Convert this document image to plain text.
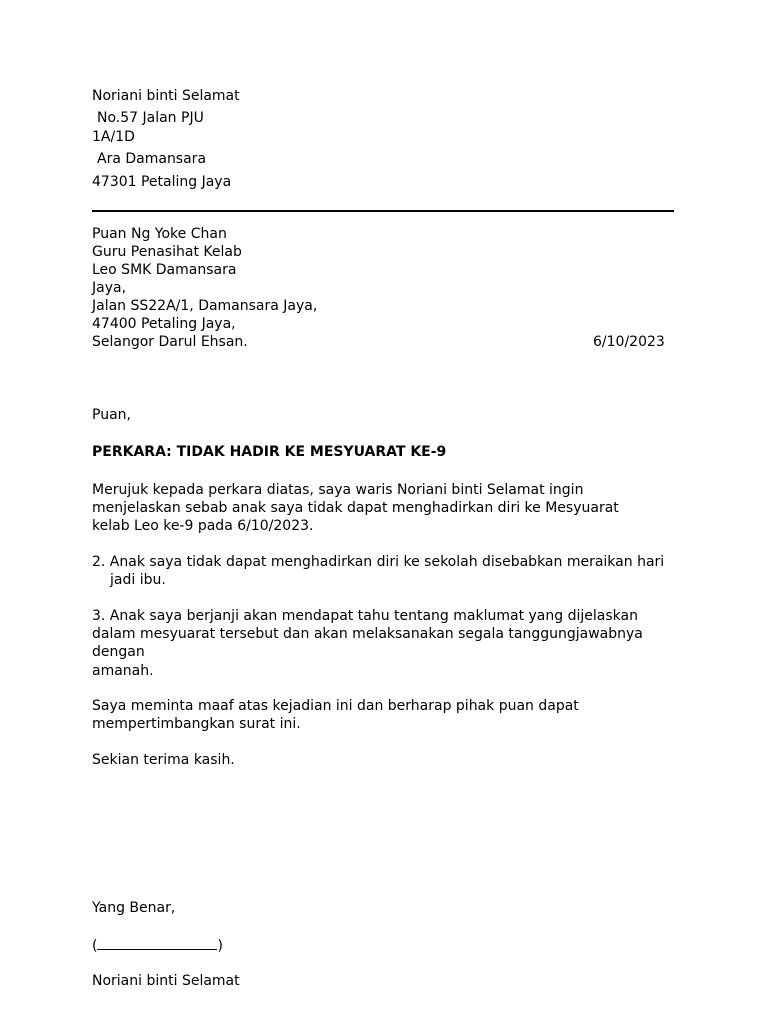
Noriani binti Selamat
No.57 Jalan PJU
1A/1D
Ara Damansara
47301 Petaling Jaya
Puan Ng Yoke Chan
Guru Penasihat Kelab
Leo SMK Damansara
Jaya,
Jalan SS22A/1, Damansara Jaya,
47400 Petaling Jaya,
Selangor Darul Ehsan.	6/10/2023
Puan,
PERKARA: TIDAK HADIR KE MESYUARAT KE-9
Merujuk kepada perkara diatas, saya waris Noriani binti Selamat ingin
menjelaskan sebab anak saya tidak dapat menghadirkan diri ke Mesyuarat
kelab Leo ke-9 pada 6/10/2023.
2. Anak saya tidak dapat menghadirkan diri ke sekolah disebabkan meraikan hari
jadi ibu.
3. Anak saya berjanji akan mendapat tahu tentang maklumat yang dijelaskan
dalam mesyuarat tersebut dan akan melaksanakan segala tanggungjawabnya
dengan
amanah.
Saya meminta maaf atas kejadian ini dan berharap pihak puan dapat
mempertimbangkan surat ini.
Sekian terima kasih.
Yang Benar,
(	)
Noriani binti Selamat
